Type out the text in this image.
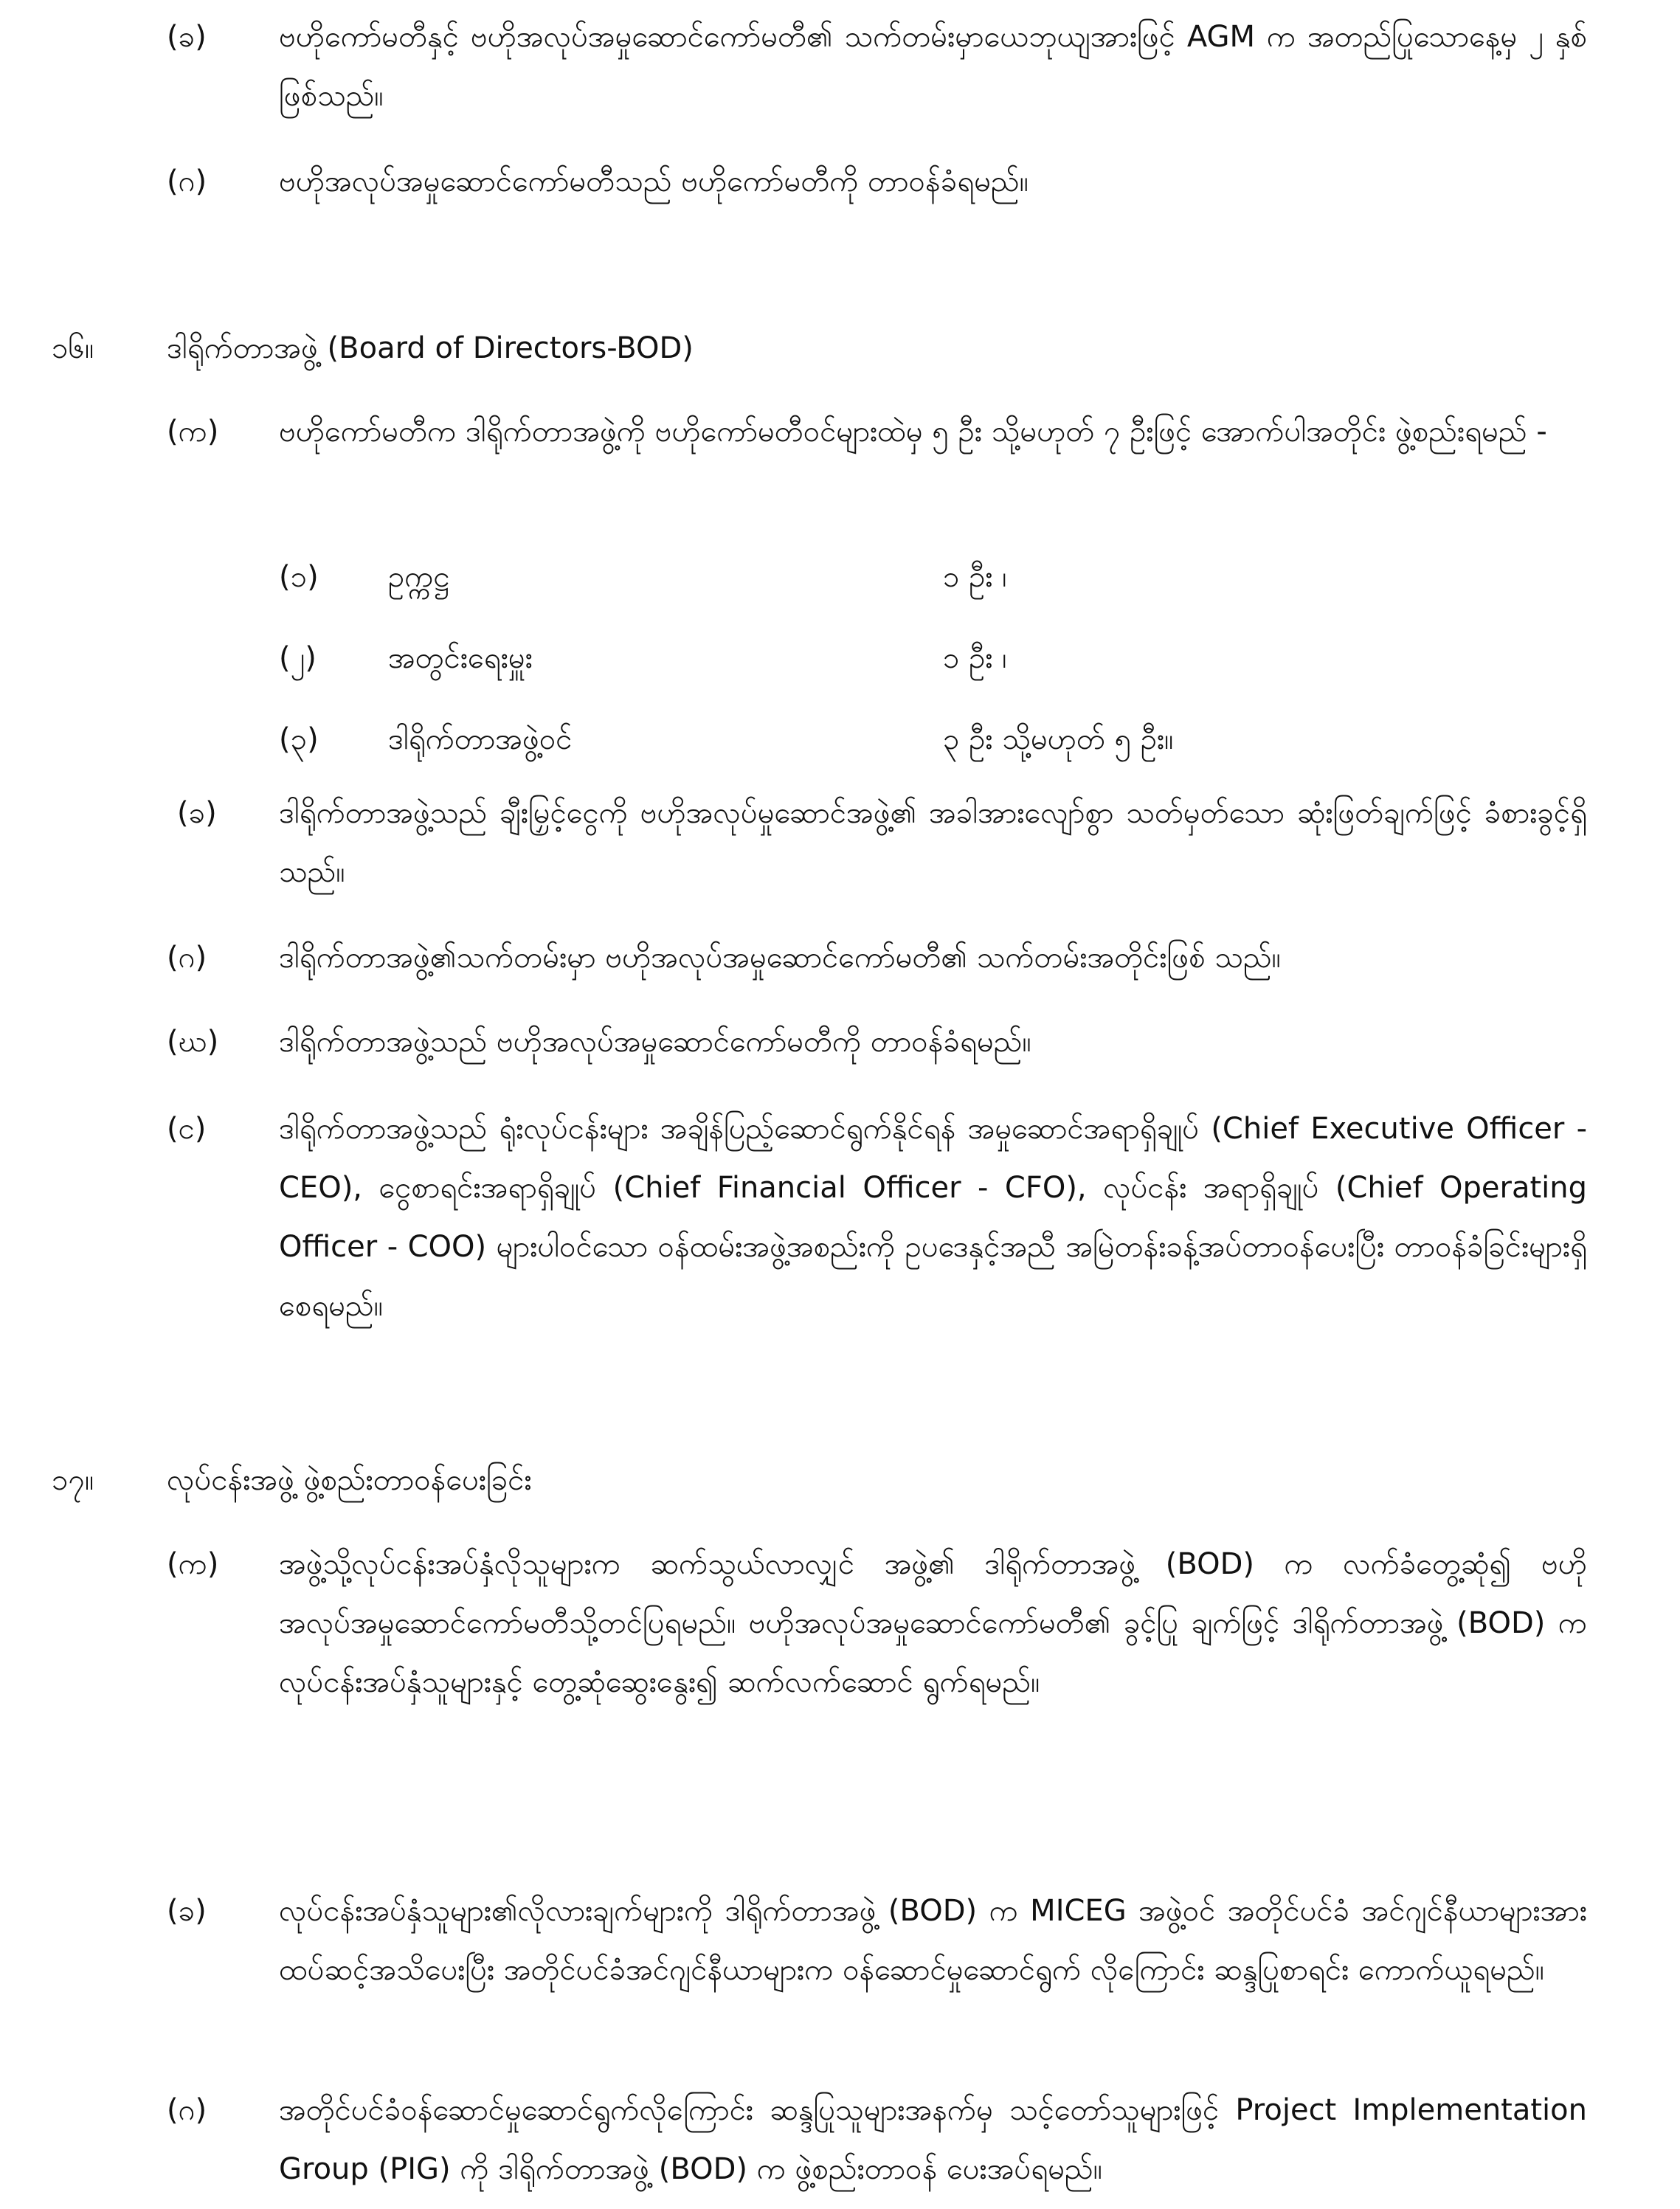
(ခ) ဗဟိုကော်မတီနှင့် ဗဟိုအလုပ်အမှုဆောင်ကော်မတီ၏ သက်တမ်းမှာယေဘုယျအားဖြင့် AGM က အတည်ပြုသောနေ့မှ ၂ နှစ်ဖြစ်သည်။
(ဂ) ဗဟိုအလုပ်အမှုဆောင်ကော်မတီသည် ဗဟိုကော်မတီကို တာဝန်ခံရမည်။
၁၆။ ဒါရိုက်တာအဖွဲ့ (Board of Directors-BOD)
(က) ဗဟိုကော်မတီက ဒါရိုက်တာအဖွဲ့ကို ဗဟိုကော်မတီဝင်များထဲမှ ၅ ဦး သို့မဟုတ် ၇ ဦးဖြင့် အောက်ပါအတိုင်း ဖွဲ့စည်းရမည် -
(၁) ဥက္ကဋ္ဌ	၁ ဦး ၊
(၂) အတွင်းရေးမှူး	၁ ဦး ၊
(၃) ဒါရိုက်တာအဖွဲ့ဝင်	၃ ဦး သို့မဟုတ် ၅ ဦး။
(ခ) ဒါရိုက်တာအဖွဲ့သည် ချီးမြှင့်ငွေကို ဗဟိုအလုပ်မှုဆောင်အဖွဲ့၏ အခါအားလျော်စွာ သတ်မှတ်သော ဆုံးဖြတ်ချက်ဖြင့် ခံစားခွင့်ရှိသည်။
(ဂ) ဒါရိုက်တာအဖွဲ့၏သက်တမ်းမှာ ဗဟိုအလုပ်အမှုဆောင်ကော်မတီ၏ သက်တမ်းအတိုင်းဖြစ် သည်။
(ဃ) ဒါရိုက်တာအဖွဲ့သည် ဗဟိုအလုပ်အမှုဆောင်ကော်မတီကို တာဝန်ခံရမည်။
(င) ဒါရိုက်တာအဖွဲ့သည် ရုံးလုပ်ငန်းများ အချိန်ပြည့်ဆောင်ရွက်နိုင်ရန် အမှုဆောင်အရာရှိချုပ် (Chief Executive Officer - CEO), ငွေစာရင်းအရာရှိချုပ် (Chief Financial Officer - CFO), လုပ်ငန်း အရာရှိချုပ် (Chief Operating Officer - COO) များပါဝင်သော ဝန်ထမ်းအဖွဲ့အစည်းကို ဥပဒေနှင့်အညီ အမြဲတန်းခန့်အပ်တာဝန်ပေးပြီး တာဝန်ခံခြင်းများရှိစေရမည်။
၁၇။ လုပ်ငန်းအဖွဲ့ ဖွဲ့စည်းတာဝန်ပေးခြင်း
(က) အဖွဲ့သို့လုပ်ငန်းအပ်နှံလိုသူများက ဆက်သွယ်လာလျှင် အဖွဲ့၏ ဒါရိုက်တာအဖွဲ့ (BOD) က လက်ခံတွေ့ဆုံ၍ ဗဟိုအလုပ်အမှုဆောင်ကော်မတီသို့တင်ပြရမည်။ ဗဟိုအလုပ်အမှုဆောင်ကော်မတီ၏ ခွင့်ပြု ချက်ဖြင့် ဒါရိုက်တာအဖွဲ့ (BOD) က လုပ်ငန်းအပ်နှံသူများနှင့် တွေ့ဆုံဆွေးနွေး၍ ဆက်လက်ဆောင် ရွက်ရမည်။
(ခ) လုပ်ငန်းအပ်နှံသူများ၏လိုလားချက်များကို ဒါရိုက်တာအဖွဲ့ (BOD) က MICEG အဖွဲ့ဝင် အတိုင်ပင်ခံ အင်ဂျင်နီယာများအား ထပ်ဆင့်အသိပေးပြီး အတိုင်ပင်ခံအင်ဂျင်နီယာများက ဝန်ဆောင်မှုဆောင်ရွက် လိုကြောင်း ဆန္ဒပြုစာရင်း ကောက်ယူရမည်။
(ဂ) အတိုင်ပင်ခံဝန်ဆောင်မှုဆောင်ရွက်လိုကြောင်း ဆန္ဒပြုသူများအနက်မှ သင့်တော်သူများဖြင့် Project Implementation Group (PIG) ကို ဒါရိုက်တာအဖွဲ့ (BOD) က ဖွဲ့စည်းတာဝန် ပေးအပ်ရမည်။
